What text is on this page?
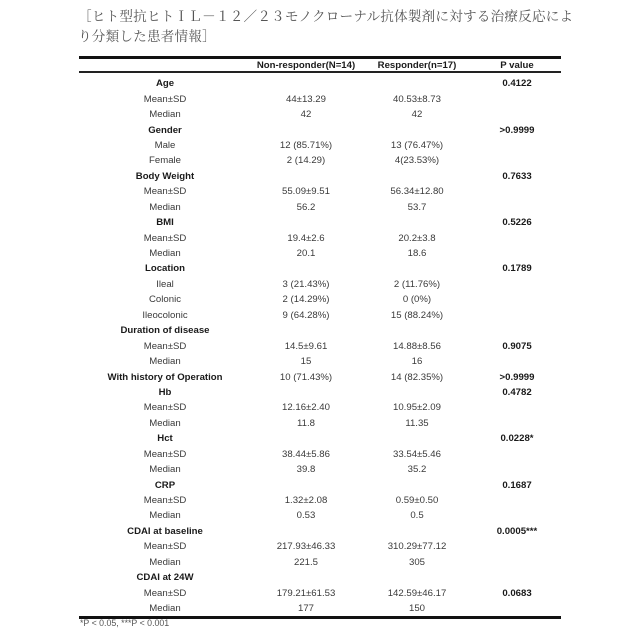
［ヒト型抗ヒトＩＬ－１２／２３モノクローナル抗体製剤に対する治療反応により分類した患者情報］
Non-responder(N=14)	Responder(n=17)	P value
Age	0.4122
Mean±SD	44±13.29	40.53±8.73
Median	42	42
Gender	>0.9999
Male	12 (85.71%)	13 (76.47%)
Female	2 (14.29)	4(23.53%)
Body Weight	0.7633
Mean±SD	55.09±9.51	56.34±12.80
Median	56.2	53.7
BMI	0.5226
Mean±SD	19.4±2.6	20.2±3.8
Median	20.1	18.6
Location	0.1789
Ileal	3 (21.43%)	2 (11.76%)
Colonic	2 (14.29%)	0 (0%)
Ileocolonic	9 (64.28%)	15 (88.24%)
Duration of disease
Mean±SD	14.5±9.61	14.88±8.56	0.9075
Median	15	16
With history of Operation	10 (71.43%)	14 (82.35%)	>0.9999
Hb	0.4782
Mean±SD	12.16±2.40	10.95±2.09
Median	11.8	11.35
Hct	0.0228*
Mean±SD	38.44±5.86	33.54±5.46
Median	39.8	35.2
CRP	0.1687
Mean±SD	1.32±2.08	0.59±0.50
Median	0.53	0.5
CDAI at baseline	0.0005***
Mean±SD	217.93±46.33	310.29±77.12
Median	221.5	305
CDAI at 24W
Mean±SD	179.21±61.53	142.59±46.17	0.0683
Median	177	150
*P < 0.05, ***P < 0.001
